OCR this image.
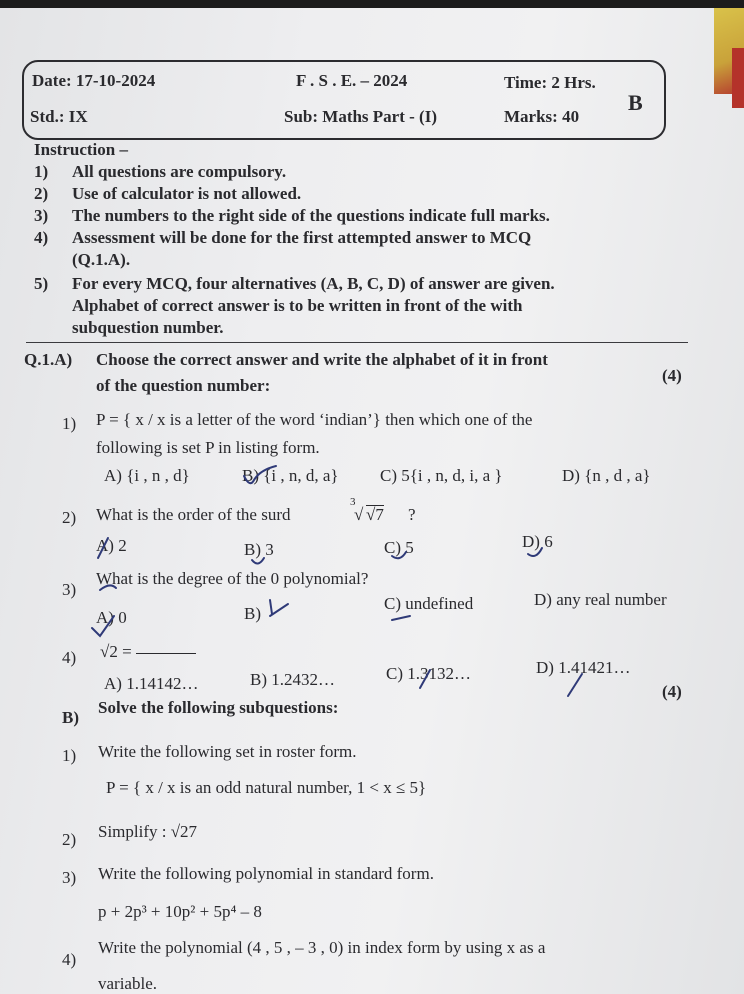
Date: 17-10-2024	F . S . E. – 2024	Time: 2 Hrs.
Std.: IX	Sub: Maths Part - (I)	Marks: 40
B
Instruction –
1) All questions are compulsory.
2) Use of calculator is not allowed.
3) The numbers to the right side of the questions indicate full marks.
4) Assessment will be done for the first attempted answer to MCQ
(Q.1.A).
5) For every MCQ, four alternatives (A, B, C, D) of answer are given.
Alphabet of correct answer is to be written in front of the with
subquestion number.
Q.1.A) Choose the correct answer and write the alphabet of it in front
of the question number:
(4)
1) P = { x / x is a letter of the word ‘indian’} then which one of the
following is set P in listing form.
A) {i , n , d}	B) {i , n, d, a} C) 5{i , n, d, i, a }	D) {n , d , a}
2) What is the order of the surd
3
√ √7 ?
A) 2	B) 3	C) 5	D) 6
3)
What is the degree of the 0 polynomial?
A) 0	B)
C) undefined	D) any real number
4) √2 =
A) 1.14142…	B) 1.2432…	C) 1.3132…	D) 1.41421…
B)
Solve the following subquestions:
(4)
1) Write the following set in roster form.
P = { x / x is an odd natural number, 1 < x ≤ 5}
2) Simplify : √27
3) Write the following polynomial in standard form.
p + 2p³ + 10p² + 5p⁴ – 8
4)
Write the polynomial (4 , 5 , – 3 , 0) in index form by using x as a
variable.
